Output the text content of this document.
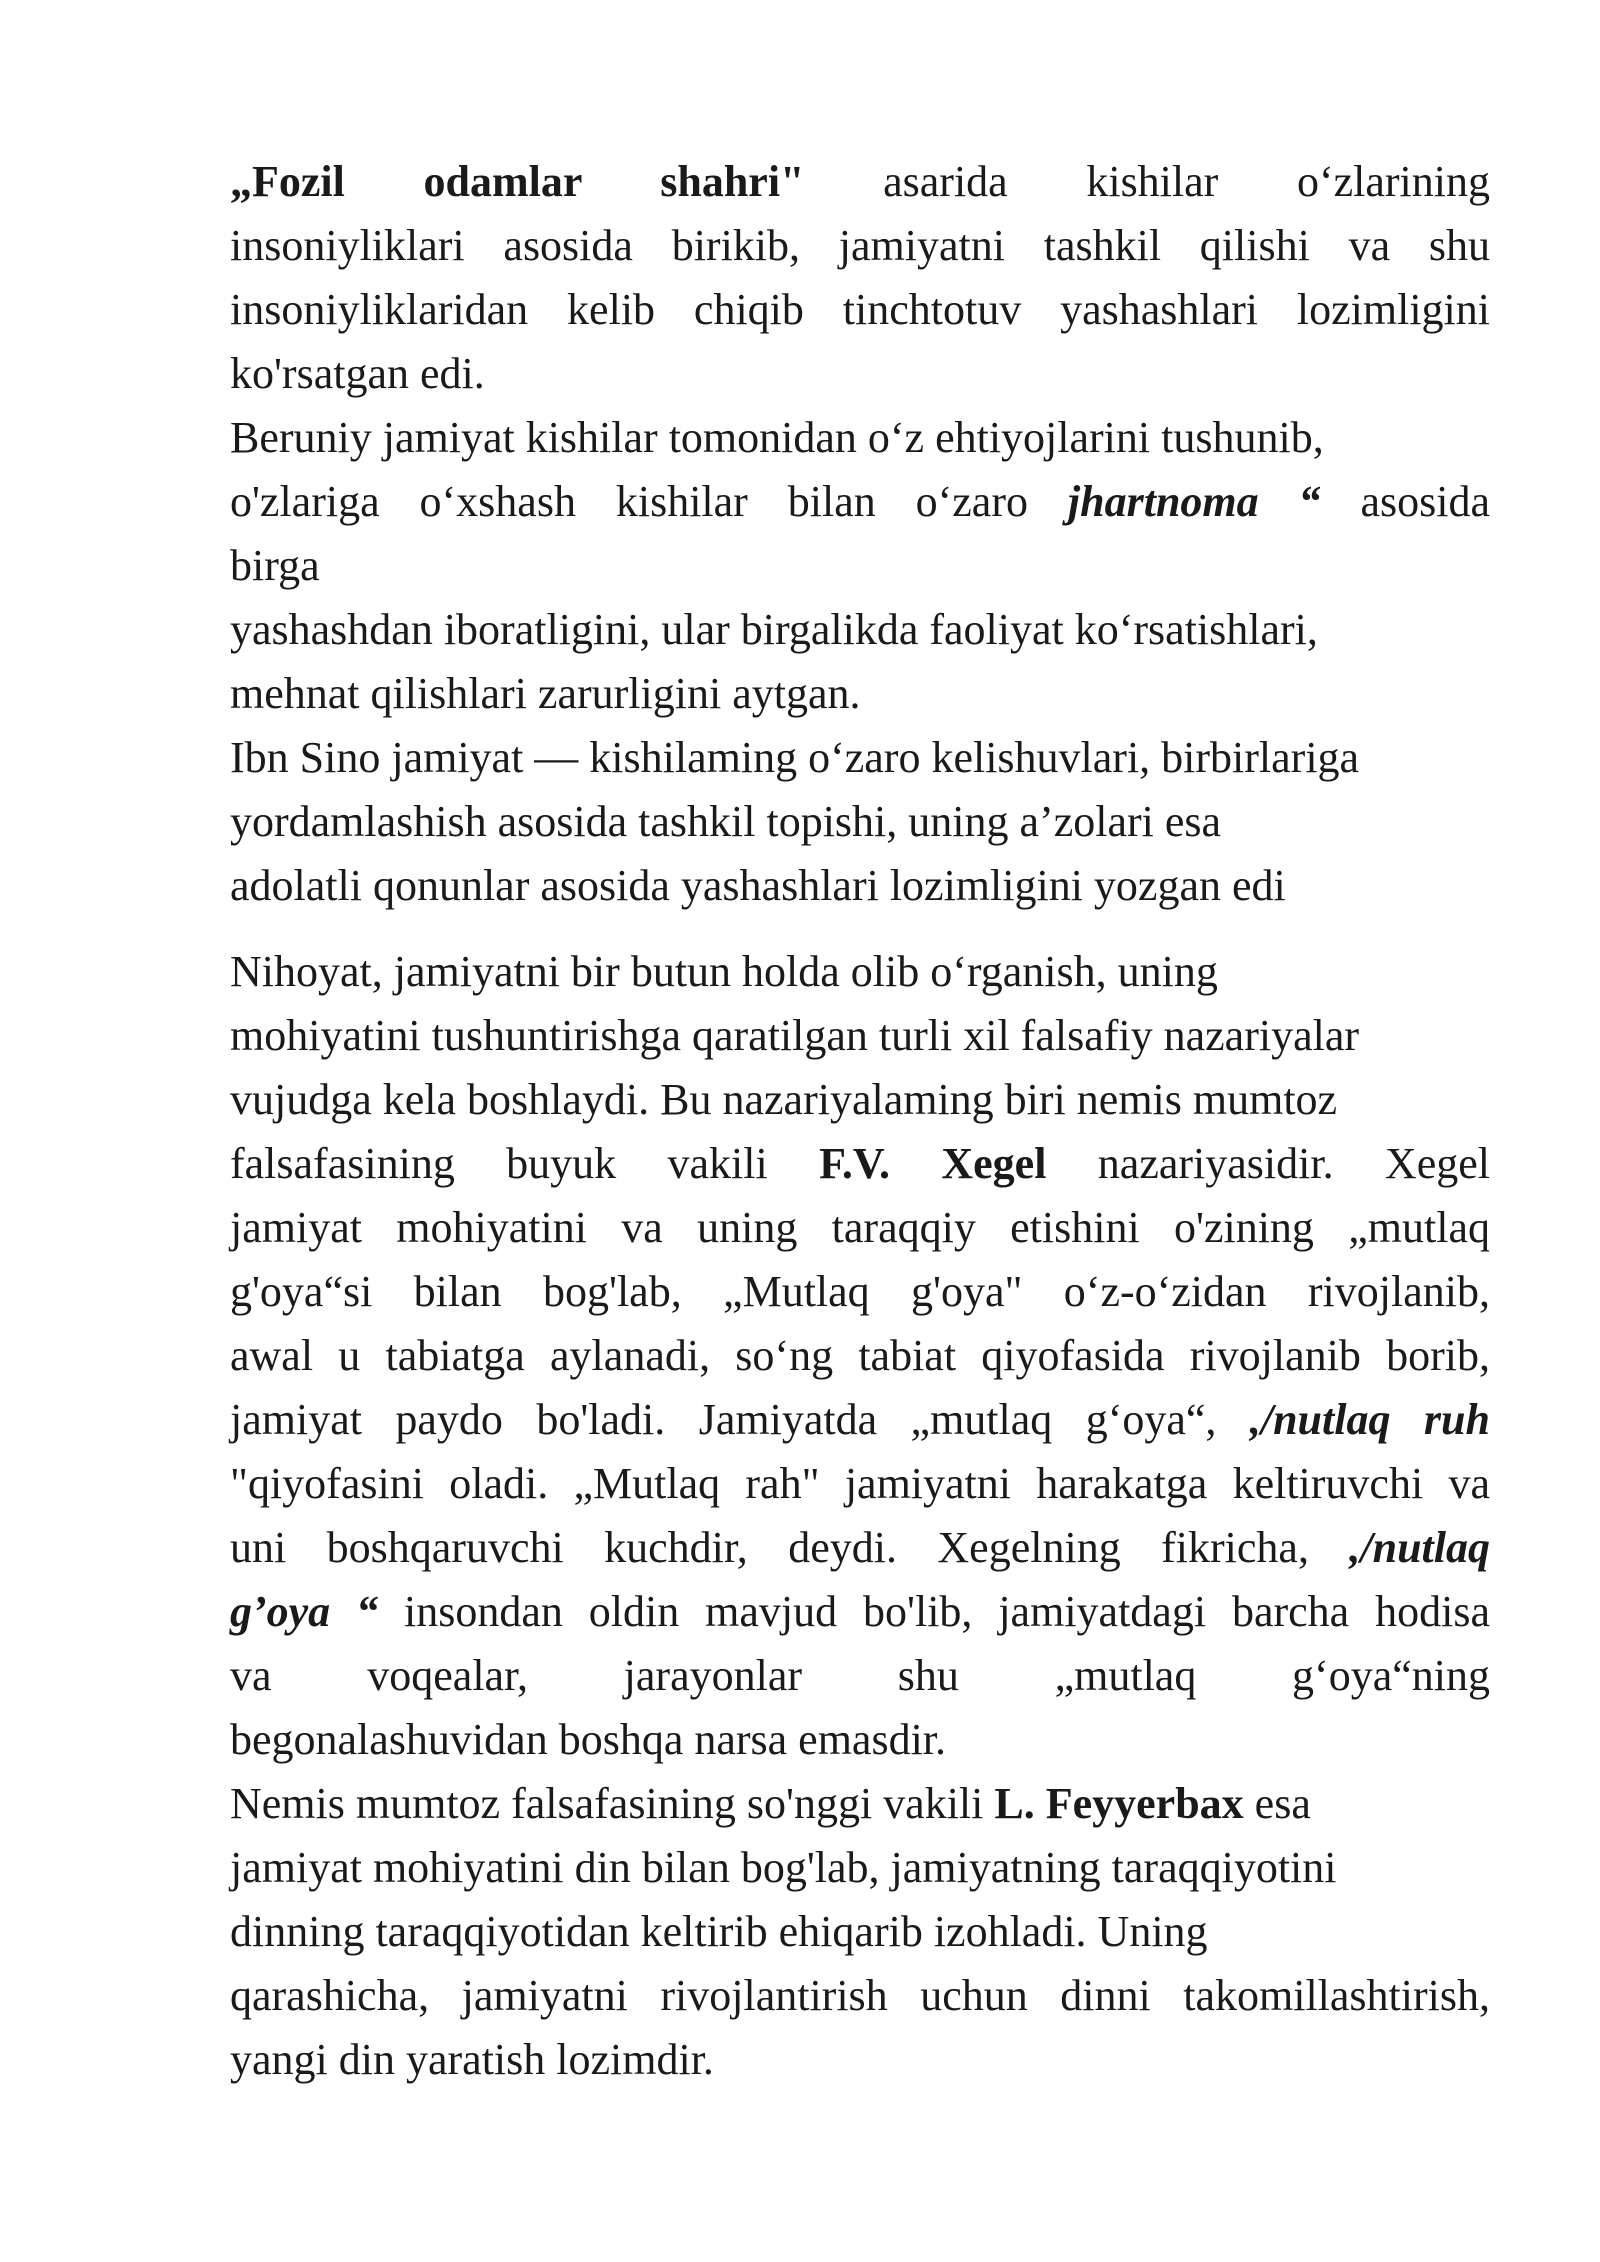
„Fozil odamlar shahri" asarida kishilar o‘zlarining
insoniyliklari asosida birikib, jamiyatni tashkil qilishi va shu
insoniyliklaridan kelib chiqib tinchtotuv yashashlari lozimligini
ko'rsatgan edi.
Beruniy jamiyat kishilar tomonidan o‘z ehtiyojlarini tushunib,
o'zlariga o‘xshash kishilar bilan o‘zaro jhartnoma “ asosida
birga
yashashdan iboratligini, ular birgalikda faoliyat ko‘rsatishlari,
mehnat qilishlari zarurligini aytgan.
Ibn Sino jamiyat — kishilaming o‘zaro kelishuvlari, birbirlariga
yordamlashish asosida tashkil topishi, uning a’zolari esa
adolatli qonunlar asosida yashashlari lozimligini yozgan edi
Nihoyat, jamiyatni bir butun holda olib o‘rganish, uning
mohiyatini tushuntirishga qaratilgan turli xil falsafiy nazariyalar
vujudga kela boshlaydi. Bu nazariyalaming biri nemis mumtoz
falsafasining buyuk vakili F.V. Xegel nazariyasidir. Xegel
jamiyat mohiyatini va uning taraqqiy etishini o'zining „mutlaq
g'oya“si bilan bog'lab, „Mutlaq g'oya" o‘z-o‘zidan rivojlanib,
awal u tabiatga aylanadi, so‘ng tabiat qiyofasida rivojlanib borib,
jamiyat paydo bo'ladi. Jamiyatda „mutlaq g‘oya“, ,/nutlaq ruh
"qiyofasini oladi. „Mutlaq rah" jamiyatni harakatga keltiruvchi va
uni boshqaruvchi kuchdir, deydi. Xegelning fikricha, ,/nutlaq
g’oya “ insondan oldin mavjud bo'lib, jamiyatdagi barcha hodisa
va voqealar, jarayonlar shu „mutlaq g‘oya“ning
begonalashuvidan boshqa narsa emasdir.
Nemis mumtoz falsafasining so'nggi vakili L. Feyyerbax esa
jamiyat mohiyatini din bilan bog'lab, jamiyatning taraqqiyotini
dinning taraqqiyotidan keltirib ehiqarib izohladi. Uning
qarashicha, jamiyatni rivojlantirish uchun dinni takomillashtirish,
yangi din yaratish lozimdir.
